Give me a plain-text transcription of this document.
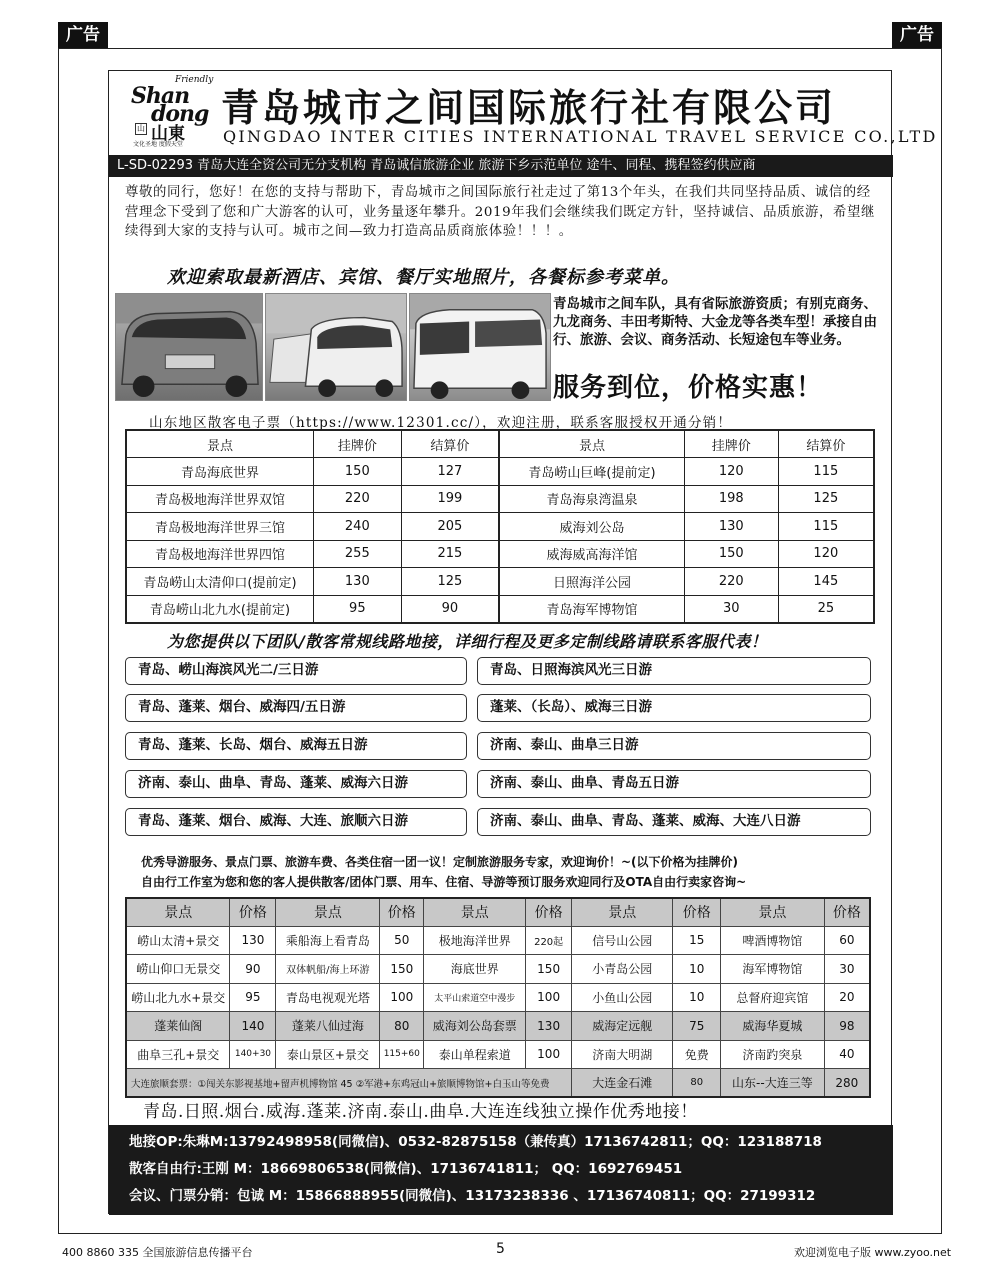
广告	广告
Friendly
Shan
dong
山 山東
文化圣地 度假天堂
青岛城市之间国际旅行社有限公司
QINGDAO INTER CITIES INTERNATIONAL TRAVEL SERVICE CO.,LTD
L-SD-02293 青岛大连全资公司无分支机构 青岛诚信旅游企业 旅游下乡示范单位 途牛、同程、携程签约供应商
尊敬的同行，您好！在您的支持与帮助下，青岛城市之间国际旅行社走过了第13个年头，在我们共同坚持品质、诚信的经营理念下受到了您和广大游客的认可，业务量逐年攀升。2019年我们会继续我们既定方针，坚持诚信、品质旅游，希望继续得到大家的支持与认可。城市之间—致力打造高品质商旅体验！！！。
欢迎索取最新酒店、宾馆、餐厅实地照片，各餐标参考菜单。
青岛城市之间车队，具有省际旅游资质；有别克商务、九龙商务、丰田考斯特、大金龙等各类车型！承接自由行、旅游、会议、商务活动、长短途包车等业务。
服务到位，价格实惠！
山东地区散客电子票（https://www.12301.cc/），欢迎注册，联系客服授权开通分销！
景点	挂牌价	结算价	景点	挂牌价	结算价
青岛海底世界	150	127	青岛崂山巨峰(提前定)	120	115
青岛极地海洋世界双馆	220	199	青岛海泉湾温泉	198	125
青岛极地海洋世界三馆	240	205	威海刘公岛	130	115
青岛极地海洋世界四馆	255	215	威海威高海洋馆	150	120
青岛崂山太清仰口(提前定)	130	125	日照海洋公园	220	145
青岛崂山北九水(提前定)	95	90	青岛海军博物馆	30	25
为您提供以下团队/散客常规线路地接，详细行程及更多定制线路请联系客服代表！
青岛、崂山海滨风光二/三日游	青岛、日照海滨风光三日游
青岛、蓬莱、烟台、威海四/五日游	蓬莱、（长岛）、威海三日游
青岛、蓬莱、长岛、烟台、威海五日游	济南、泰山、曲阜三日游
济南、泰山、曲阜、青岛、蓬莱、威海六日游	济南、泰山、曲阜、青岛五日游
青岛、蓬莱、烟台、威海、大连、旅顺六日游	济南、泰山、曲阜、青岛、蓬莱、威海、大连八日游
优秀导游服务、景点门票、旅游车费、各类住宿一团一议！定制旅游服务专家，欢迎询价！~(以下价格为挂牌价)
自由行工作室为您和您的客人提供散客/团体门票、用车、住宿、导游等预订服务欢迎同行及OTA自由行卖家咨询~
景点	价格	景点	价格	景点	价格	景点	价格	景点	价格
崂山太清+景交	130	乘船海上看青岛	50	极地海洋世界	220起	信号山公园	15	啤酒博物馆	60
崂山仰口无景交	90	双体帆船/海上环游	150	海底世界	150	小青岛公园	10	海军博物馆	30
崂山北九水+景交	95	青岛电视观光塔	100	太平山索道空中漫步	100	小鱼山公园	10	总督府迎宾馆	20
蓬莱仙阁	140	蓬莱八仙过海	80	威海刘公岛套票	130	威海定远舰	75	威海华夏城	98
曲阜三孔+景交	140+30	泰山景区+景交	115+60	泰山单程索道	100	济南大明湖	免费	济南趵突泉	40
大连旅顺套票：①闯关东影视基地+留声机博物馆 45 ②军港+东鸡冠山+旅顺博物馆+白玉山等免费						大连金石滩	80	山东--大连三等	280
青岛.日照.烟台.威海.蓬莱.济南.泰山.曲阜.大连连线独立操作优秀地接！
地接OP:朱琳M:13792498958(同微信)、0532-82875158（兼传真）17136742811；QQ：123188718
散客自由行:王刚 M：18669806538(同微信)、17136741811； QQ：1692769451
会议、门票分销：包诚 M：15866888955(同微信)、13173238336 、17136740811；QQ：27199312
400 8860 335 全国旅游信息传播平台	5	欢迎浏览电子版 www.zyoo.net
